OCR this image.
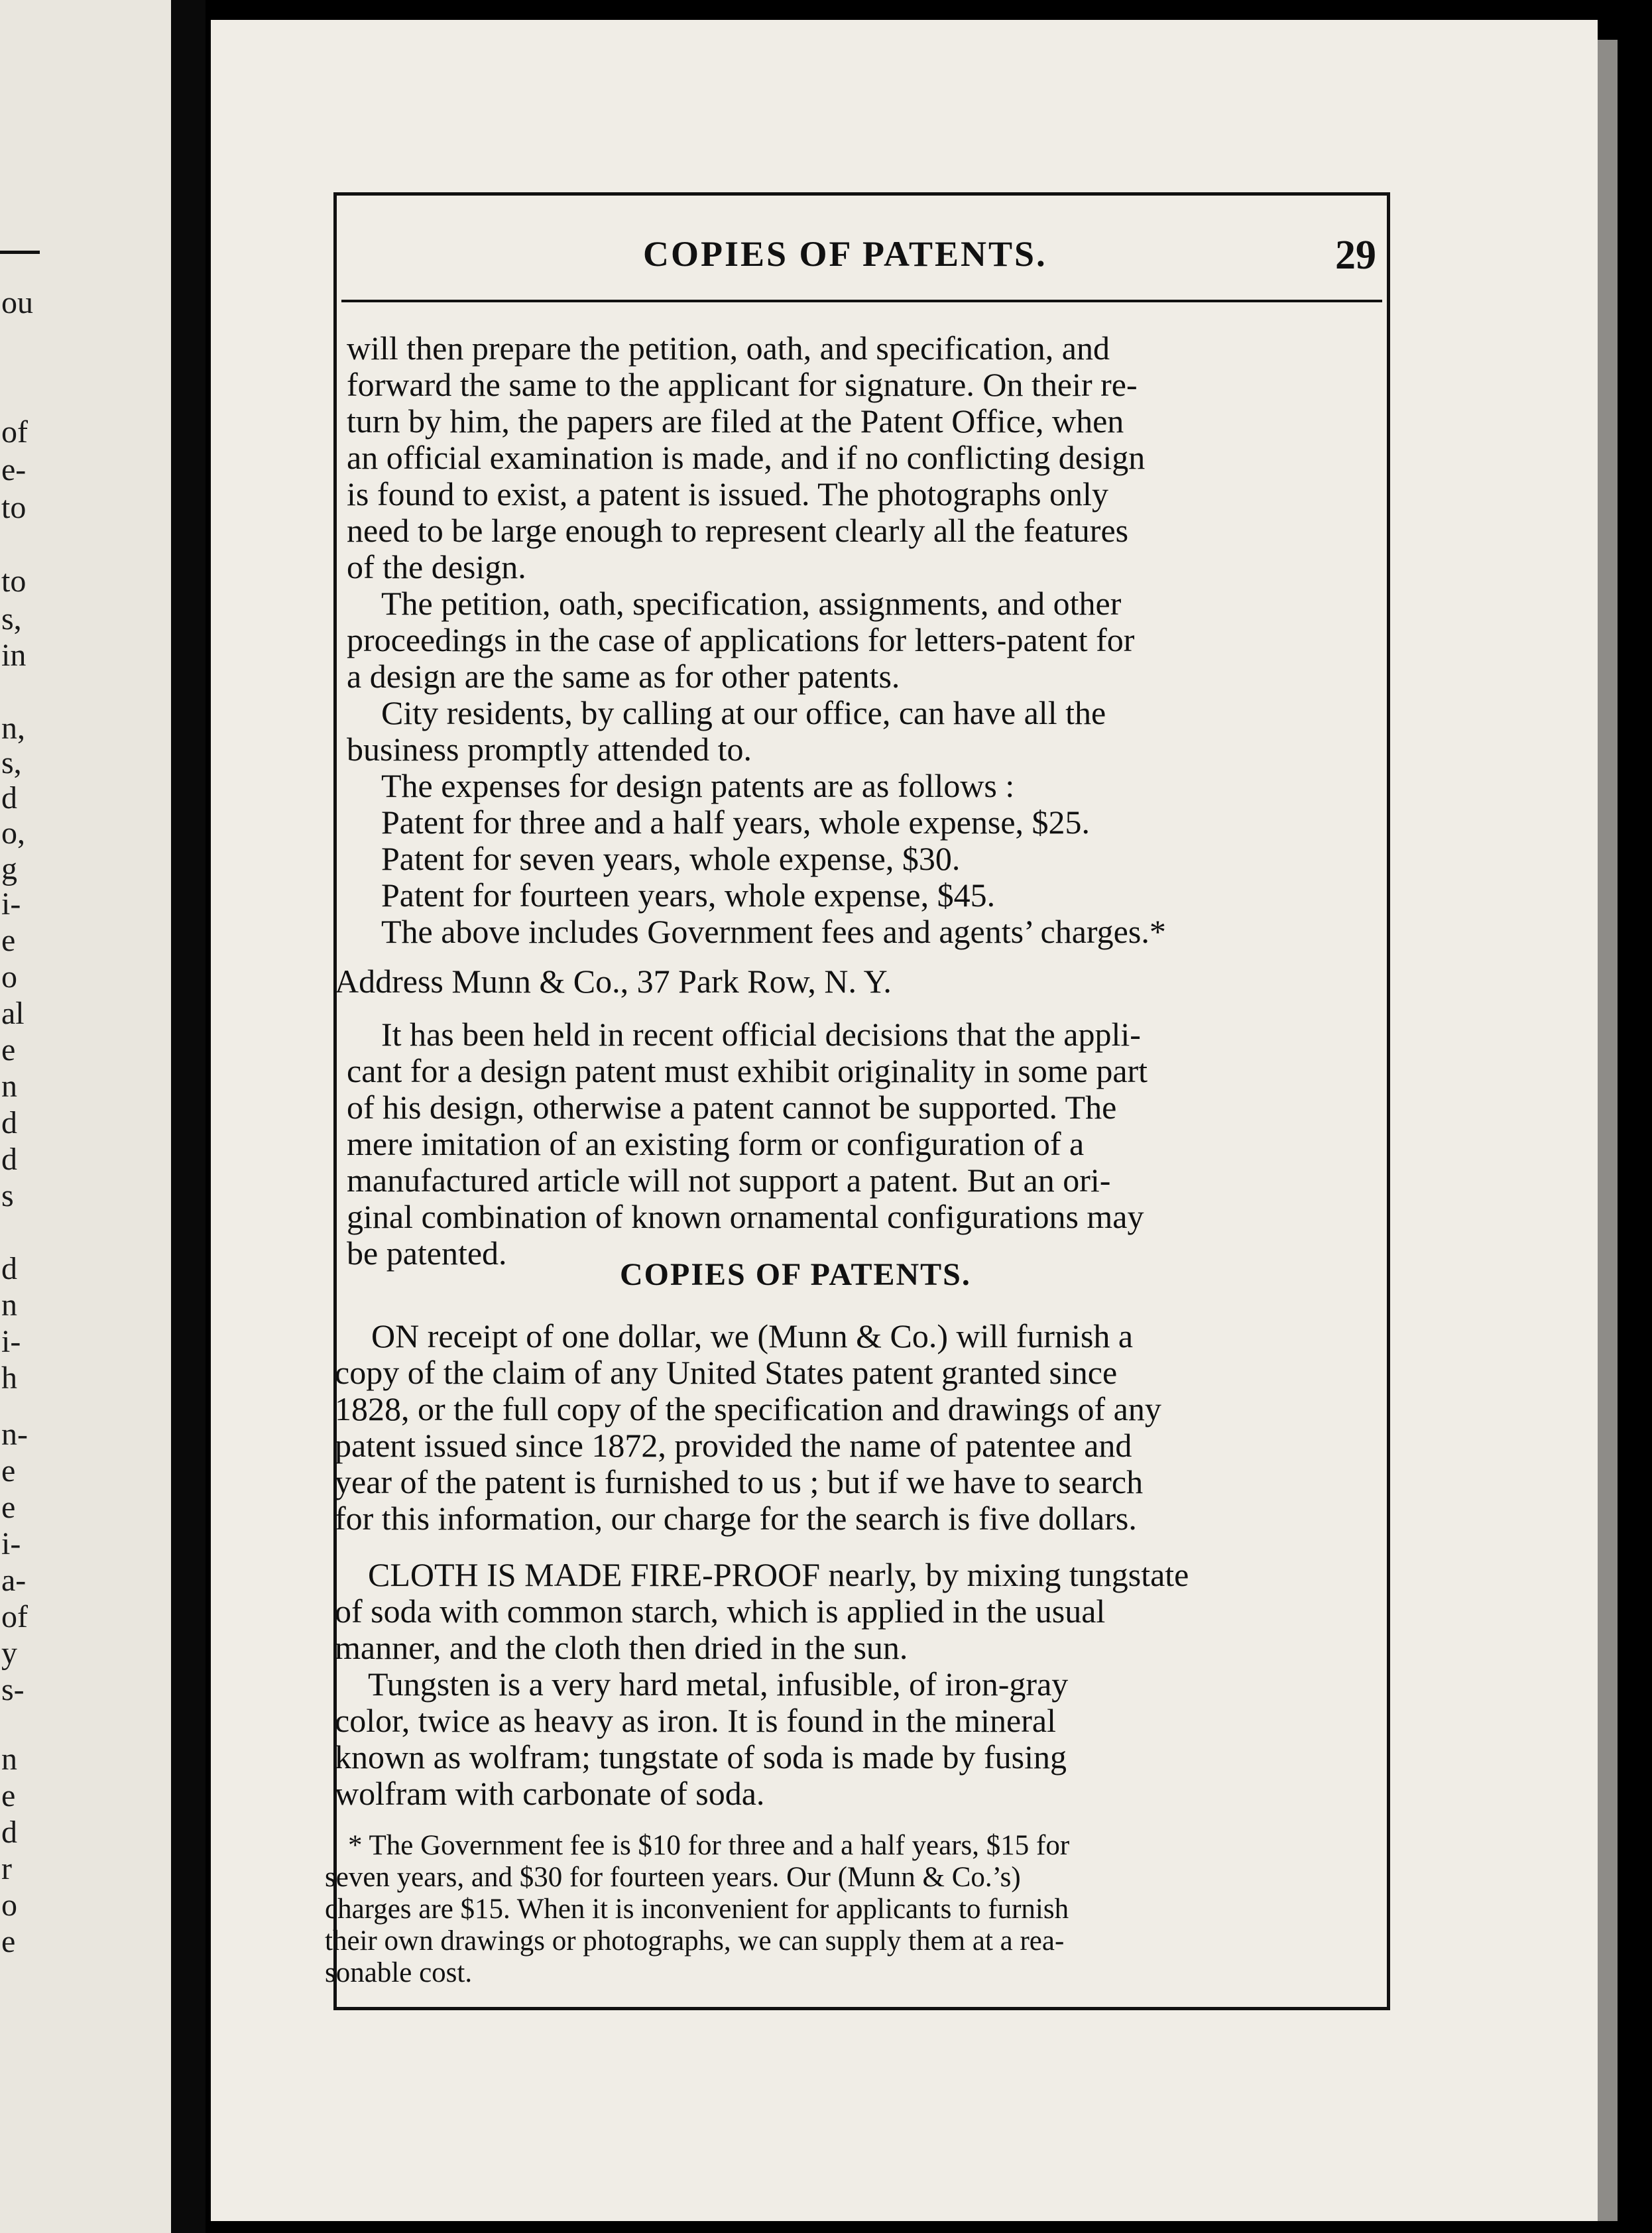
ou
of
e-
to
to
s,
in
n,
s,
d
o,
g
i-
e
o
al
e
n
d
d
s
d
n
i-
h
n-
e
e
i-
a-
of
y
s-
n
e
d
r
o
e
COPIES OF PATENTS.	29
will then prepare the petition, oath, and specification, and
forward the same to the applicant for signature. On their re-
turn by him, the papers are filed at the Patent Office, when
an official examination is made, and if no conflicting design
is found to exist, a patent is issued. The photographs only
need to be large enough to represent clearly all the features
of the design.
The petition, oath, specification, assignments, and other
proceedings in the case of applications for letters-patent for
a design are the same as for other patents.
City residents, by calling at our office, can have all the
business promptly attended to.
The expenses for design patents are as follows :
Patent for three and a half years, whole expense, $25.
Patent for seven years, whole expense, $30.
Patent for fourteen years, whole expense, $45.
The above includes Government fees and agents’ charges.*
Address Munn & Co., 37 Park Row, N. Y.
It has been held in recent official decisions that the appli-
cant for a design patent must exhibit originality in some part
of his design, otherwise a patent cannot be supported. The
mere imitation of an existing form or configuration of a
manufactured article will not support a patent. But an ori-
ginal combination of known ornamental configurations may
be patented.
COPIES OF PATENTS.
ON receipt of one dollar, we (Munn & Co.) will furnish a
copy of the claim of any United States patent granted since
1828, or the full copy of the specification and drawings of any
patent issued since 1872, provided the name of patentee and
year of the patent is furnished to us ; but if we have to search
for this information, our charge for the search is five dollars.
CLOTH IS MADE FIRE-PROOF nearly, by mixing tungstate
of soda with common starch, which is applied in the usual
manner, and the cloth then dried in the sun.
Tungsten is a very hard metal, infusible, of iron-gray
color, twice as heavy as iron. It is found in the mineral
known as wolfram; tungstate of soda is made by fusing
wolfram with carbonate of soda.
* The Government fee is $10 for three and a half years, $15 for
seven years, and $30 for fourteen years. Our (Munn & Co.’s)
charges are $15. When it is inconvenient for applicants to furnish
their own drawings or photographs, we can supply them at a rea-
sonable cost.
